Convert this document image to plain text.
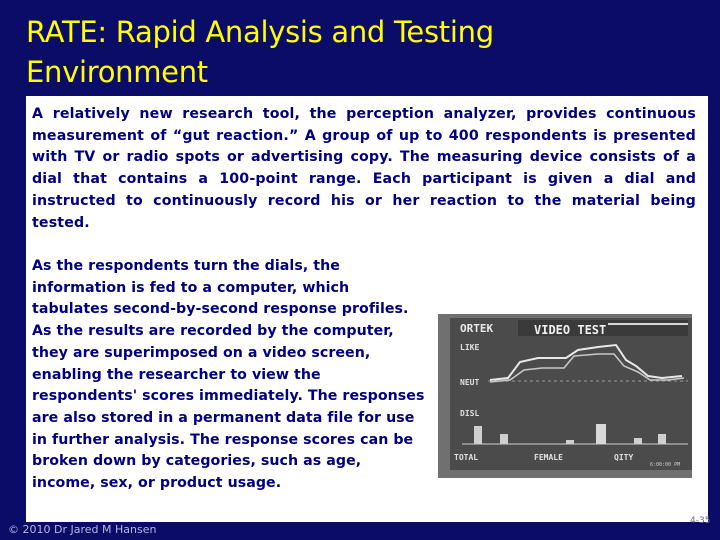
RATE: Rapid Analysis and Testing Environment
A relatively new research tool, the perception analyzer, provides continuous measurement of “gut reaction.” A group of up to 400 respondents is presented with TV or radio spots or advertising copy. The measuring device consists of a dial that contains a 100-point range. Each participant is given a dial and instructed to continuously record his or her reaction to the material being tested.
As the respondents turn the dials, the information is fed to a computer, which tabulates second-by-second response profiles. As the results are recorded by the computer, they are superimposed on a video screen, enabling the researcher to view the respondents' scores immediately. The responses are also stored in a permanent data file for use in further analysis. The response scores can be broken down by categories, such as age, income, sex, or product usage.
ORTEK	VIDEO TEST
LIKE
NEUT
DISL
TOTAL	FEMALE	QITY
6:00:00 PM
© 2010 Dr Jared M Hansen
4-35
